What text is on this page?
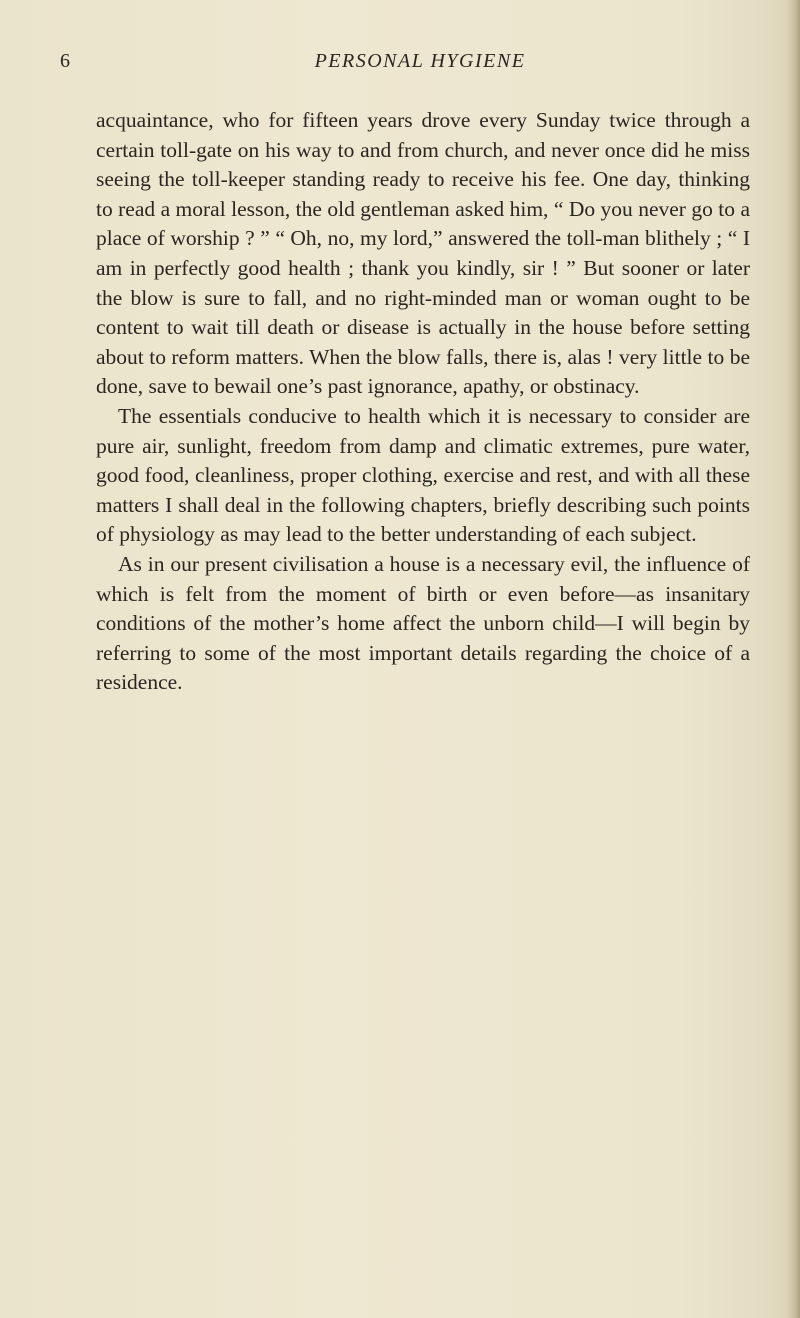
6	PERSONAL HYGIENE

acquaintance, who for fifteen years drove every Sunday twice through a certain toll-gate on his way to and from church, and never once did he miss seeing the toll-keeper standing ready to receive his fee. One day, thinking to read a moral lesson, the old gentleman asked him, “ Do you never go to a place of worship ? ” “ Oh, no, my lord,” answered the toll-man blithely ; “ I am in perfectly good health ; thank you kindly, sir ! ” But sooner or later the blow is sure to fall, and no right-minded man or woman ought to be content to wait till death or disease is actually in the house before setting about to reform matters. When the blow falls, there is, alas ! very little to be done, save to bewail one’s past ignorance, apathy, or obstinacy.

The essentials conducive to health which it is necessary to consider are pure air, sunlight, freedom from damp and climatic extremes, pure water, good food, cleanliness, proper clothing, exercise and rest, and with all these matters I shall deal in the following chapters, briefly describing such points of physiology as may lead to the better understanding of each subject.

As in our present civilisation a house is a necessary evil, the influence of which is felt from the moment of birth or even before—as insanitary conditions of the mother’s home affect the unborn child—I will begin by referring to some of the most important details regarding the choice of a residence.
